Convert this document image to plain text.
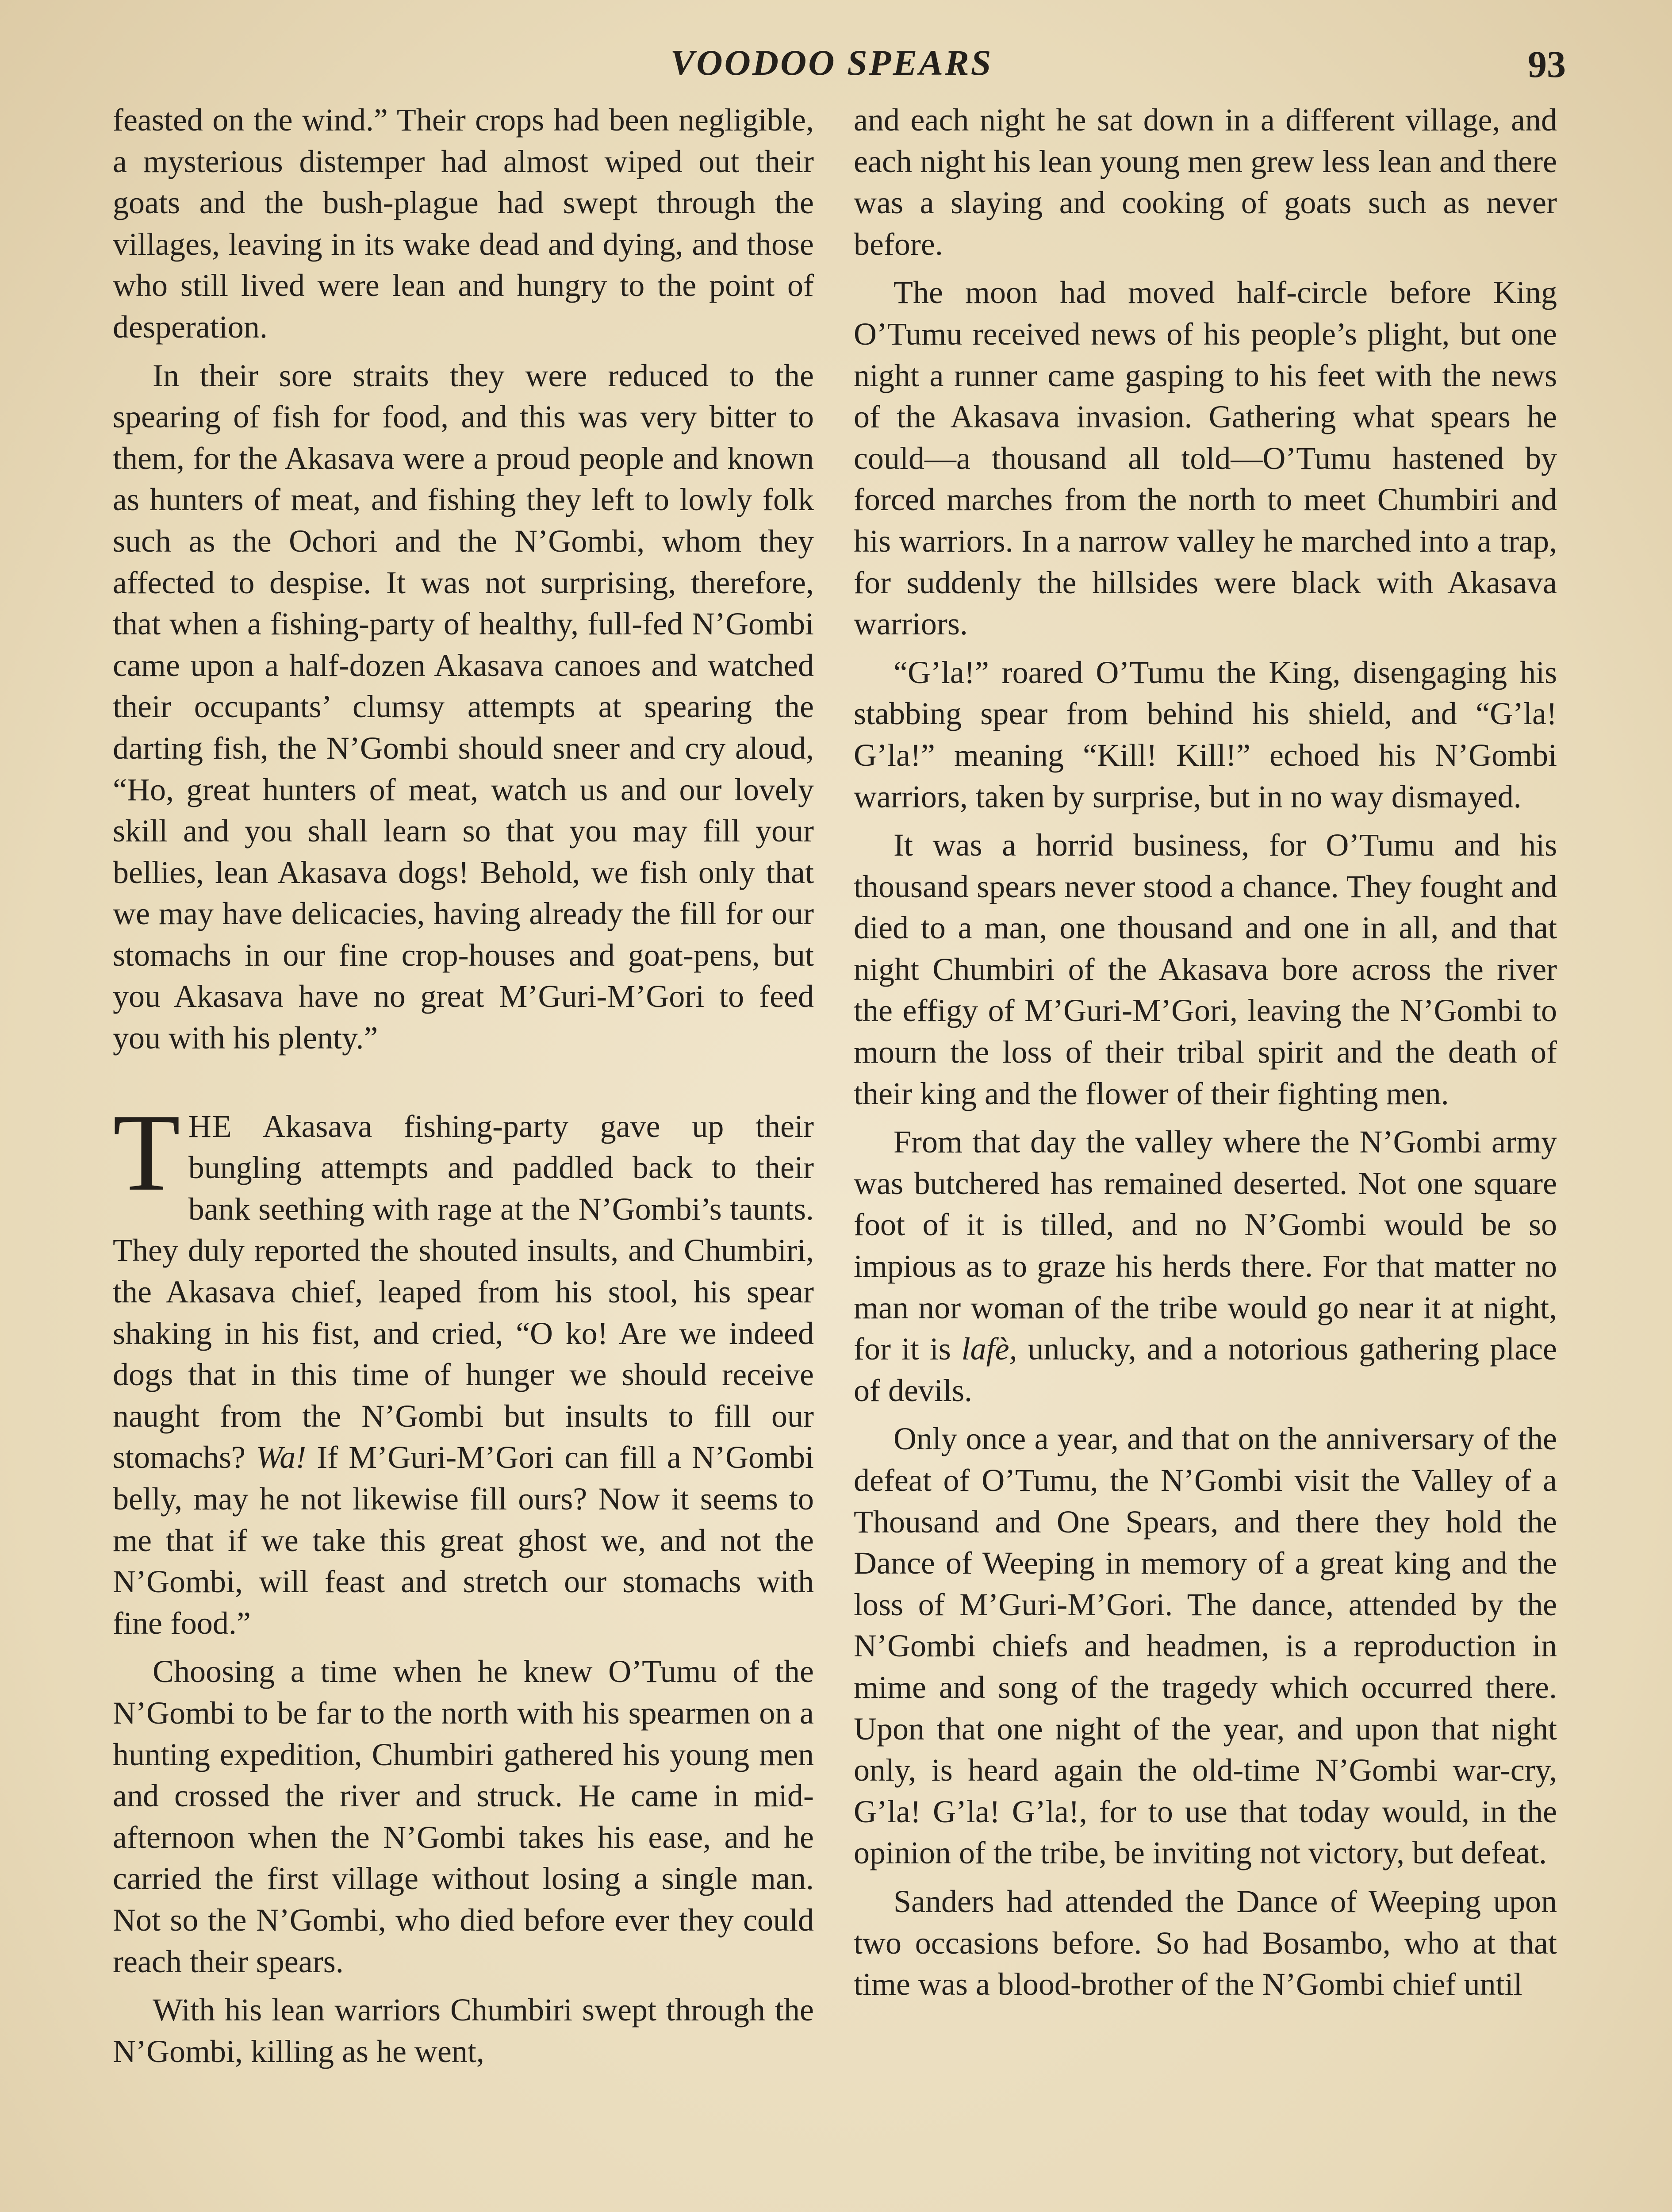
VOODOO SPEARS	93

feasted on the wind.” Their crops had been negligible, a mysterious distemper had almost wiped out their goats and the bush-plague had swept through the villages, leaving in its wake dead and dying, and those who still lived were lean and hungry to the point of desperation.

In their sore straits they were reduced to the spearing of fish for food, and this was very bitter to them, for the Akasava were a proud people and known as hunters of meat, and fishing they left to lowly folk such as the Ochori and the N’Gombi, whom they affected to despise. It was not surprising, therefore, that when a fishing-party of healthy, full-fed N’Gombi came upon a half-dozen Akasava canoes and watched their occupants’ clumsy attempts at spearing the darting fish, the N’Gombi should sneer and cry aloud, “Ho, great hunters of meat, watch us and our lovely skill and you shall learn so that you may fill your bellies, lean Akasava dogs! Behold, we fish only that we may have delicacies, having already the fill for our stomachs in our fine crop-houses and goat-pens, but you Akasava have no great M’Guri-M’Gori to feed you with his plenty.”

THE Akasava fishing-party gave up their bungling attempts and paddled back to their bank seething with rage at the N’Gombi’s taunts. They duly reported the shouted insults, and Chumbiri, the Akasava chief, leaped from his stool, his spear shaking in his fist, and cried, “O ko! Are we indeed dogs that in this time of hunger we should receive naught from the N’Gombi but insults to fill our stomachs? Wa! If M’Guri-M’Gori can fill a N’Gombi belly, may he not likewise fill ours? Now it seems to me that if we take this great ghost we, and not the N’Gombi, will feast and stretch our stomachs with fine food.”

Choosing a time when he knew O’Tumu of the N’Gombi to be far to the north with his spearmen on a hunting expedition, Chumbiri gathered his young men and crossed the river and struck. He came in mid-afternoon when the N’Gombi takes his ease, and he carried the first village without losing a single man. Not so the N’Gombi, who died before ever they could reach their spears.

With his lean warriors Chumbiri swept through the N’Gombi, killing as he went,

and each night he sat down in a different village, and each night his lean young men grew less lean and there was a slaying and cooking of goats such as never before.

The moon had moved half-circle before King O’Tumu received news of his people’s plight, but one night a runner came gasping to his feet with the news of the Akasava invasion. Gathering what spears he could—a thousand all told—O’Tumu hastened by forced marches from the north to meet Chumbiri and his warriors. In a narrow valley he marched into a trap, for suddenly the hillsides were black with Akasava warriors.

“G’la!” roared O’Tumu the King, disengaging his stabbing spear from behind his shield, and “G’la! G’la!” meaning “Kill! Kill!” echoed his N’Gombi warriors, taken by surprise, but in no way dismayed.

It was a horrid business, for O’Tumu and his thousand spears never stood a chance. They fought and died to a man, one thousand and one in all, and that night Chumbiri of the Akasava bore across the river the effigy of M’Guri-M’Gori, leaving the N’Gombi to mourn the loss of their tribal spirit and the death of their king and the flower of their fighting men.

From that day the valley where the N’Gombi army was butchered has remained deserted. Not one square foot of it is tilled, and no N’Gombi would be so impious as to graze his herds there. For that matter no man nor woman of the tribe would go near it at night, for it is lafè, unlucky, and a notorious gathering place of devils.

Only once a year, and that on the anniversary of the defeat of O’Tumu, the N’Gombi visit the Valley of a Thousand and One Spears, and there they hold the Dance of Weeping in memory of a great king and the loss of M’Guri-M’Gori. The dance, attended by the N’Gombi chiefs and headmen, is a reproduction in mime and song of the tragedy which occurred there. Upon that one night of the year, and upon that night only, is heard again the old-time N’Gombi war-cry, G’la! G’la! G’la!, for to use that today would, in the opinion of the tribe, be inviting not victory, but defeat.

Sanders had attended the Dance of Weeping upon two occasions before. So had Bosambo, who at that time was a blood-brother of the N’Gombi chief until
